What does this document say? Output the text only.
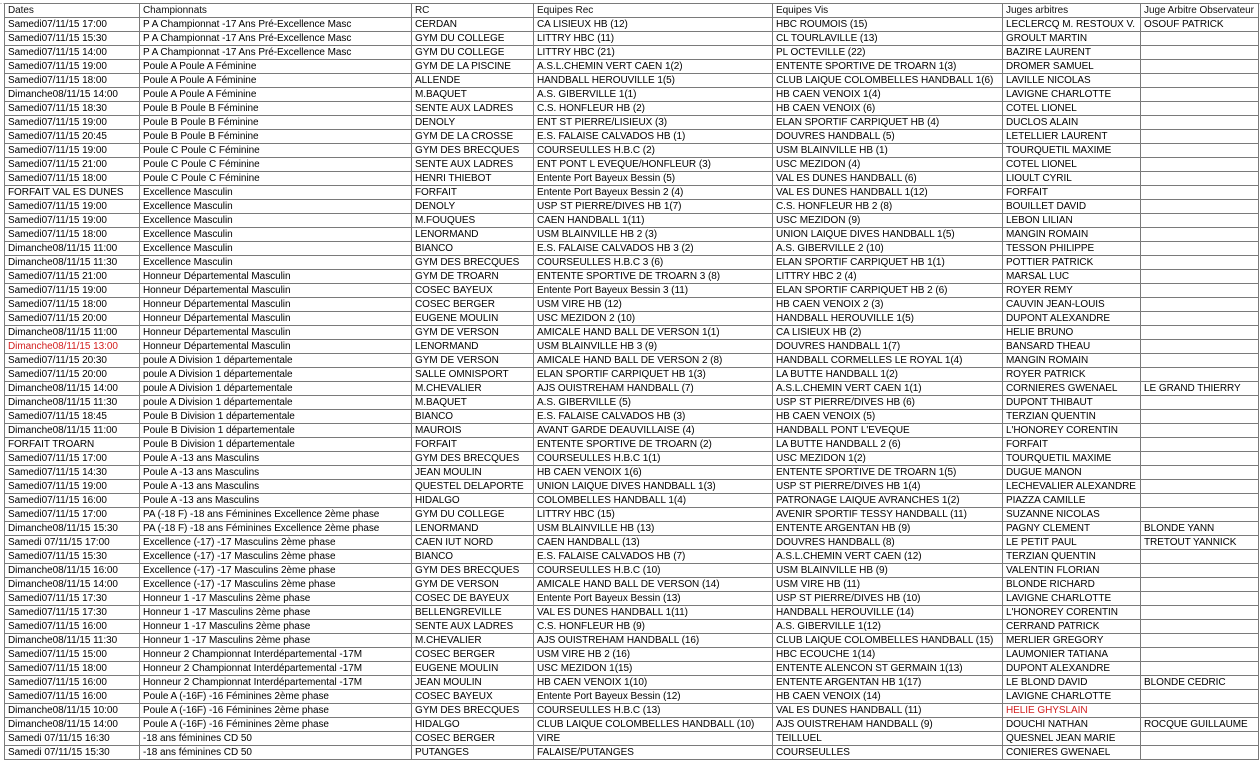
Dates	Championnats	RC	Equipes Rec	Equipes Vis	Juges arbitres	Juge Arbitre Observateur
Samedi07/11/15 17:00	P A Championnat -17 Ans Pré-Excellence Masc	CERDAN	CA LISIEUX HB (12)	HBC ROUMOIS (15)	LECLERCQ M. RESTOUX V.	OSOUF PATRICK
Samedi07/11/15 15:30	P A Championnat -17 Ans Pré-Excellence Masc	GYM DU COLLEGE	LITTRY HBC (11)	CL TOURLAVILLE (13)	GROULT MARTIN	
Samedi07/11/15 14:00	P A Championnat -17 Ans Pré-Excellence Masc	GYM DU COLLEGE	LITTRY HBC (21)	PL OCTEVILLE (22)	BAZIRE LAURENT	
Samedi07/11/15 19:00	Poule A Poule A Féminine	GYM DE LA PISCINE	A.S.L.CHEMIN VERT CAEN 1(2)	ENTENTE SPORTIVE DE TROARN 1(3)	DROMER SAMUEL	
Samedi07/11/15 18:00	Poule A Poule A Féminine	ALLENDE	HANDBALL HEROUVILLE 1(5)	CLUB LAIQUE COLOMBELLES HANDBALL 1(6)	LAVILLE NICOLAS	
Dimanche08/11/15 14:00	Poule A Poule A Féminine	M.BAQUET	A.S. GIBERVILLE 1(1)	HB CAEN VENOIX 1(4)	LAVIGNE CHARLOTTE	
Samedi07/11/15 18:30	Poule B Poule B Féminine	SENTE AUX LADRES	C.S. HONFLEUR HB (2)	HB CAEN VENOIX (6)	COTEL LIONEL	
Samedi07/11/15 19:00	Poule B Poule B Féminine	DENOLY	ENT ST PIERRE/LISIEUX (3)	ELAN SPORTIF CARPIQUET HB (4)	DUCLOS ALAIN	
Samedi07/11/15 20:45	Poule B Poule B Féminine	GYM DE LA CROSSE	E.S. FALAISE CALVADOS HB (1)	DOUVRES HANDBALL (5)	LETELLIER LAURENT	
Samedi07/11/15 19:00	Poule C Poule C Féminine	GYM DES BRECQUES	COURSEULLES H.B.C (2)	USM BLAINVILLE HB (1)	TOURQUETIL MAXIME	
Samedi07/11/15 21:00	Poule C Poule C Féminine	SENTE AUX LADRES	ENT PONT L EVEQUE/HONFLEUR (3)	USC MEZIDON (4)	COTEL LIONEL	
Samedi07/11/15 18:00	Poule C Poule C Féminine	HENRI THIEBOT	Entente Port Bayeux Bessin (5)	VAL ES DUNES HANDBALL (6)	LIOULT CYRIL	
FORFAIT VAL ES DUNES	Excellence Masculin	FORFAIT	Entente Port Bayeux Bessin 2 (4)	VAL ES DUNES HANDBALL 1(12)	FORFAIT	
Samedi07/11/15 19:00	Excellence Masculin	DENOLY	USP ST PIERRE/DIVES HB 1(7)	C.S. HONFLEUR HB 2 (8)	BOUILLET DAVID	
Samedi07/11/15 19:00	Excellence Masculin	M.FOUQUES	CAEN HANDBALL 1(11)	USC MEZIDON (9)	LEBON LILIAN	
Samedi07/11/15 18:00	Excellence Masculin	LENORMAND	USM BLAINVILLE HB 2 (3)	UNION LAIQUE DIVES HANDBALL 1(5)	MANGIN ROMAIN	
Dimanche08/11/15 11:00	Excellence Masculin	BIANCO	E.S. FALAISE CALVADOS HB 3 (2)	A.S. GIBERVILLE 2 (10)	TESSON PHILIPPE	
Dimanche08/11/15 11:30	Excellence Masculin	GYM DES BRECQUES	COURSEULLES H.B.C 3 (6)	ELAN SPORTIF CARPIQUET HB 1(1)	POTTIER PATRICK	
Samedi07/11/15 21:00	Honneur Départemental Masculin	GYM DE TROARN	ENTENTE SPORTIVE DE TROARN 3 (8)	LITTRY HBC 2 (4)	MARSAL LUC	
Samedi07/11/15 19:00	Honneur Départemental Masculin	COSEC BAYEUX	Entente Port Bayeux Bessin 3 (11)	ELAN SPORTIF CARPIQUET HB 2 (6)	ROYER REMY	
Samedi07/11/15 18:00	Honneur Départemental Masculin	COSEC BERGER	USM VIRE HB (12)	HB CAEN VENOIX 2 (3)	CAUVIN JEAN-LOUIS	
Samedi07/11/15 20:00	Honneur Départemental Masculin	EUGENE MOULIN	USC MEZIDON 2 (10)	HANDBALL HEROUVILLE 1(5)	DUPONT ALEXANDRE	
Dimanche08/11/15 11:00	Honneur Départemental Masculin	GYM DE VERSON	AMICALE HAND BALL DE VERSON 1(1)	CA LISIEUX HB (2)	HELIE BRUNO	
Dimanche08/11/15 13:00	Honneur Départemental Masculin	LENORMAND	USM BLAINVILLE HB 3 (9)	DOUVRES HANDBALL 1(7)	BANSARD THEAU	
Samedi07/11/15 20:30	poule A Division 1 départementale	GYM DE VERSON	AMICALE HAND BALL DE VERSON 2 (8)	HANDBALL CORMELLES LE ROYAL 1(4)	MANGIN ROMAIN	
Samedi07/11/15 20:00	poule A Division 1 départementale	SALLE OMNISPORT	ELAN SPORTIF CARPIQUET HB 1(3)	LA BUTTE HANDBALL 1(2)	ROYER PATRICK	
Dimanche08/11/15 14:00	poule A Division 1 départementale	M.CHEVALIER	AJS OUISTREHAM HANDBALL (7)	A.S.L.CHEMIN VERT CAEN 1(1)	CORNIERES GWENAEL	LE GRAND THIERRY
Dimanche08/11/15 11:30	poule A Division 1 départementale	M.BAQUET	A.S. GIBERVILLE (5)	USP ST PIERRE/DIVES HB (6)	DUPONT THIBAUT	
Samedi07/11/15 18:45	Poule B Division 1 départementale	BIANCO	E.S. FALAISE CALVADOS HB (3)	HB CAEN VENOIX (5)	TERZIAN QUENTIN	
Dimanche08/11/15 11:00	Poule B Division 1 départementale	MAUROIS	AVANT GARDE DEAUVILLAISE (4)	HANDBALL PONT L'EVEQUE	L'HONOREY CORENTIN	
FORFAIT TROARN	Poule B Division 1 départementale	FORFAIT	ENTENTE SPORTIVE DE TROARN (2)	LA BUTTE HANDBALL 2 (6)	FORFAIT	
Samedi07/11/15 17:00	Poule A -13 ans Masculins	GYM DES BRECQUES	COURSEULLES H.B.C 1(1)	USC MEZIDON 1(2)	TOURQUETIL MAXIME	
Samedi07/11/15 14:30	Poule A -13 ans Masculins	JEAN MOULIN	HB CAEN VENOIX 1(6)	ENTENTE SPORTIVE DE TROARN 1(5)	DUGUE MANON	
Samedi07/11/15 19:00	Poule A -13 ans Masculins	QUESTEL DELAPORTE	UNION LAIQUE DIVES HANDBALL 1(3)	USP ST PIERRE/DIVES HB 1(4)	LECHEVALIER ALEXANDRE	
Samedi07/11/15 16:00	Poule A -13 ans Masculins	HIDALGO	COLOMBELLES HANDBALL 1(4)	PATRONAGE LAIQUE AVRANCHES 1(2)	PIAZZA CAMILLE	
Samedi07/11/15 17:00	PA (-18 F) -18 ans Féminines Excellence 2ème phase	GYM DU COLLEGE	LITTRY HBC (15)	AVENIR SPORTIF TESSY HANDBALL (11)	SUZANNE NICOLAS	
Dimanche08/11/15 15:30	PA (-18 F) -18 ans Féminines Excellence 2ème phase	LENORMAND	USM BLAINVILLE HB (13)	ENTENTE ARGENTAN HB (9)	PAGNY CLEMENT	BLONDE YANN
Samedi 07/11/15 17:00	Excellence (-17) -17 Masculins 2ème phase	CAEN IUT NORD	CAEN HANDBALL (13)	DOUVRES HANDBALL (8)	LE PETIT PAUL	TRETOUT YANNICK
Samedi07/11/15 15:30	Excellence (-17) -17 Masculins 2ème phase	BIANCO	E.S. FALAISE CALVADOS HB (7)	A.S.L.CHEMIN VERT CAEN (12)	TERZIAN QUENTIN	
Dimanche08/11/15 16:00	Excellence (-17) -17 Masculins 2ème phase	GYM DES BRECQUES	COURSEULLES H.B.C (10)	USM BLAINVILLE HB (9)	VALENTIN FLORIAN	
Dimanche08/11/15 14:00	Excellence (-17) -17 Masculins 2ème phase	GYM DE VERSON	AMICALE HAND BALL DE VERSON (14)	USM VIRE HB (11)	BLONDE RICHARD	
Samedi07/11/15 17:30	Honneur 1 -17 Masculins 2ème phase	COSEC DE BAYEUX	Entente Port Bayeux Bessin (13)	USP ST PIERRE/DIVES HB (10)	LAVIGNE CHARLOTTE	
Samedi07/11/15 17:30	Honneur 1 -17 Masculins 2ème phase	BELLENGREVILLE	VAL ES DUNES HANDBALL 1(11)	HANDBALL HEROUVILLE (14)	L'HONOREY CORENTIN	
Samedi07/11/15 16:00	Honneur 1 -17 Masculins 2ème phase	SENTE AUX LADRES	C.S. HONFLEUR HB (9)	A.S. GIBERVILLE 1(12)	CERRAND PATRICK	
Dimanche08/11/15 11:30	Honneur 1 -17 Masculins 2ème phase	M.CHEVALIER	AJS OUISTREHAM HANDBALL (16)	CLUB LAIQUE COLOMBELLES HANDBALL (15)	MERLIER GREGORY	
Samedi07/11/15 15:00	Honneur 2 Championnat Interdépartemental -17M	COSEC BERGER	USM VIRE HB 2 (16)	HBC ECOUCHE 1(14)	LAUMONIER TATIANA	
Samedi07/11/15 18:00	Honneur 2 Championnat Interdépartemental -17M	EUGENE MOULIN	USC MEZIDON 1(15)	ENTENTE ALENCON ST GERMAIN 1(13)	DUPONT ALEXANDRE	
Samedi07/11/15 16:00	Honneur 2 Championnat Interdépartemental -17M	JEAN MOULIN	HB CAEN VENOIX 1(10)	ENTENTE ARGENTAN HB 1(17)	LE BLOND DAVID	BLONDE CEDRIC
Samedi07/11/15 16:00	Poule A (-16F) -16 Féminines 2ème phase	COSEC BAYEUX	Entente Port Bayeux Bessin (12)	HB CAEN VENOIX (14)	LAVIGNE CHARLOTTE	
Dimanche08/11/15 10:00	Poule A (-16F) -16 Féminines 2ème phase	GYM DES BRECQUES	COURSEULLES H.B.C (13)	VAL ES DUNES HANDBALL (11)	HELIE GHYSLAIN	
Dimanche08/11/15 14:00	Poule A (-16F) -16 Féminines 2ème phase	HIDALGO	CLUB LAIQUE COLOMBELLES HANDBALL (10)	AJS OUISTREHAM HANDBALL (9)	DOUCHI NATHAN	ROCQUE GUILLAUME
Samedi 07/11/15 16:30	-18 ans féminines CD 50	COSEC BERGER	VIRE	TEILLUEL	QUESNEL JEAN MARIE	
Samedi 07/11/15 15:30	-18 ans féminines CD 50	PUTANGES	FALAISE/PUTANGES	COURSEULLES	CONIERES GWENAEL	
